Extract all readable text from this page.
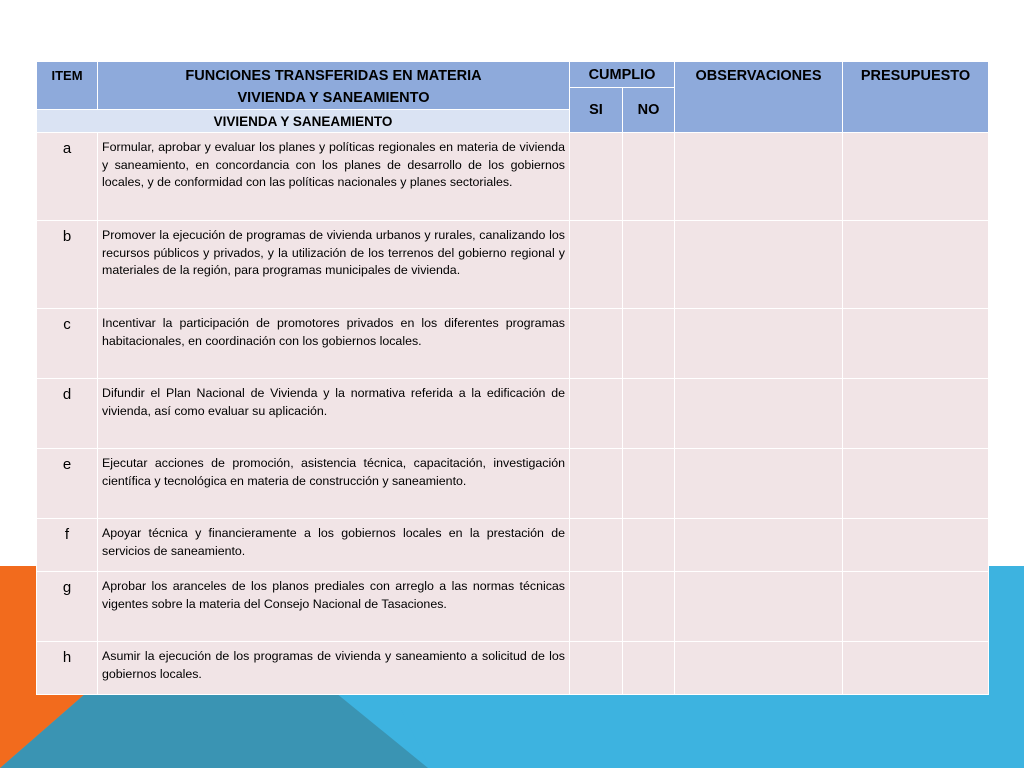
ITEM	FUNCIONES TRANSFERIDAS EN MATERIA
VIVIENDA Y SANEAMIENTO	CUMPLIO		OBSERVACIONES	PRESUPUESTO
		SI	NO		
VIVIENDA Y SANEAMIENTO					
a	Formular, aprobar y evaluar los planes y políticas regionales en materia de vivienda y saneamiento, en concordancia con los planes de desarrollo de los gobiernos locales, y de conformidad con las políticas nacionales y planes sectoriales.				
b	Promover la ejecución de programas de vivienda urbanos y rurales, canalizando los recursos públicos y privados, y la utilización de los terrenos del gobierno regional y materiales de la región, para programas municipales de vivienda.				
c	Incentivar la participación de promotores privados en los diferentes programas habitacionales, en coordinación con los gobiernos locales.				
d	Difundir el Plan Nacional de Vivienda y la normativa referida a la edificación de vivienda, así como evaluar su aplicación.				
e	Ejecutar acciones de promoción, asistencia técnica, capacitación, investigación científica y tecnológica en materia de construcción y saneamiento.				
f	Apoyar técnica y financieramente a los gobiernos locales en la prestación de servicios de saneamiento.				
g	Aprobar los aranceles de los planos prediales con arreglo a las normas técnicas vigentes sobre la materia del Consejo Nacional de Tasaciones.				
h	Asumir la ejecución de los programas de vivienda y saneamiento a solicitud de los gobiernos locales.				
